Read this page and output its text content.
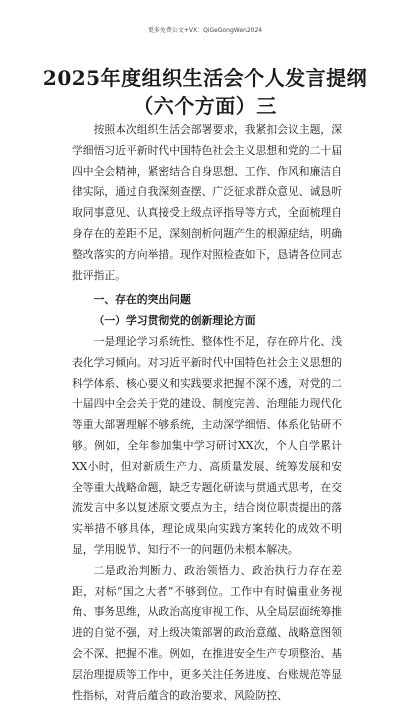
更多免费公文+VX：QiGeGongWen2024
2025年度组织生活会个人发言提纲
（六个方面）三

按照本次组织生活会部署要求，我紧扣会议主题，深学细悟习近平新时代中国特色社会主义思想和党的二十届四中全会精神，紧密结合自身思想、工作、作风和廉洁自律实际，通过自我深刻查摆、广泛征求群众意见、诚恳听取同事意见、认真接受上级点评指导等方式，全面梳理自身存在的差距不足，深刻剖析问题产生的根源症结，明确整改落实的方向举措。现作对照检查如下，恳请各位同志批评指正。

一、存在的突出问题

（一）学习贯彻党的创新理论方面

一是理论学习系统性、整体性不足，存在碎片化、浅表化学习倾向。对习近平新时代中国特色社会主义思想的科学体系、核心要义和实践要求把握不深不透，对党的二十届四中全会关于党的建设、制度完善、治理能力现代化等重大部署理解不够系统，主动深学细悟、体系化钻研不够。例如，全年参加集中学习研讨XX次，个人自学累计XX小时，但对新质生产力、高质量发展、统筹发展和安全等重大战略命题，缺乏专题化研读与贯通式思考，在交流发言中多以复述原文要点为主，结合岗位职责提出的落实举措不够具体，理论成果向实践方案转化的成效不明显，学用脱节、知行不一的问题仍未根本解决。

二是政治判断力、政治领悟力、政治执行力存在差距，对标“国之大者”不够到位。工作中有时偏重业务视角、事务思维，从政治高度审视工作、从全局层面统筹推进的自觉不强，对上级决策部署的政治意蕴、战略意图领会不深、把握不准。例如，在推进安全生产专项整治、基层治理提质等工作中，更多关注任务进度、台账规范等显性指标，对背后蕴含的政治要求、风险防控、
